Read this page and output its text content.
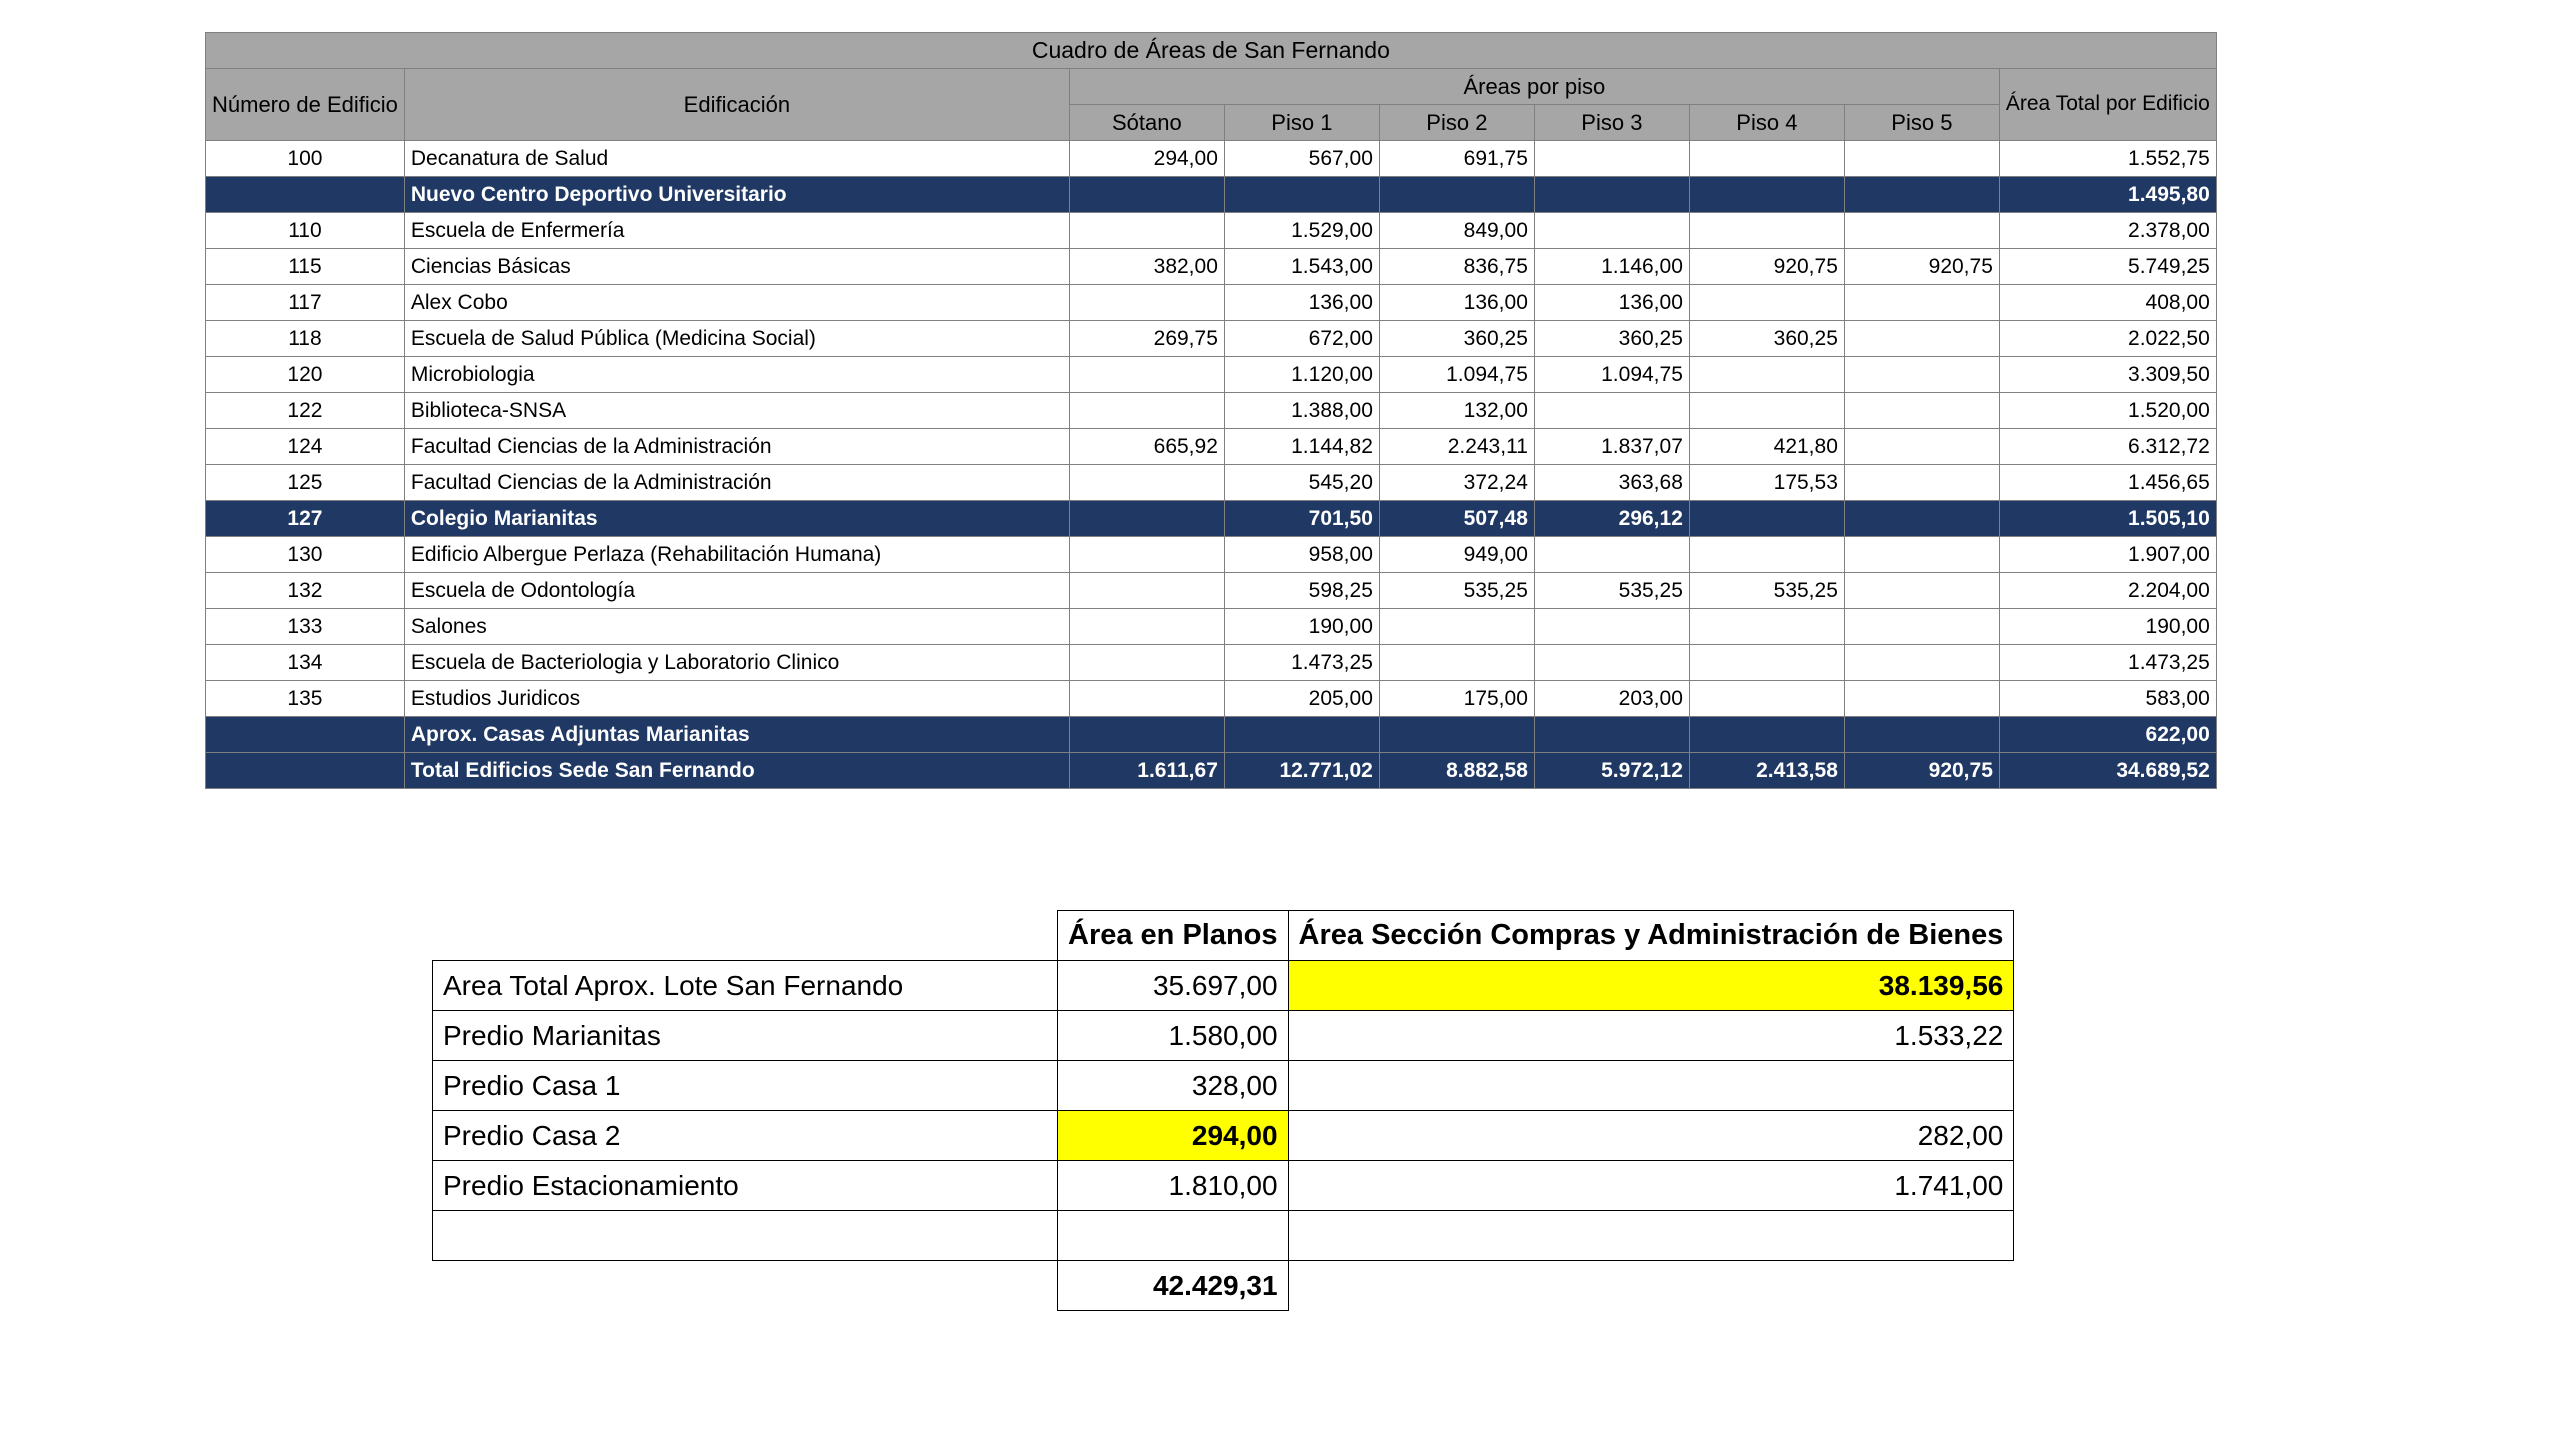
Cuadro de Áreas de San Fernando								
Número de Edificio	Edificación	Áreas por piso						Área Total por Edificio
		Sótano	Piso 1	Piso 2	Piso 3	Piso 4	Piso 5	
100	Decanatura de Salud	294,00	567,00	691,75				1.552,75
	Nuevo Centro Deportivo Universitario							1.495,80
110	Escuela de Enfermería		1.529,00	849,00				2.378,00
115	Ciencias Básicas	382,00	1.543,00	836,75	1.146,00	920,75	920,75	5.749,25
117	Alex Cobo		136,00	136,00	136,00			408,00
118	Escuela de Salud Pública (Medicina Social)	269,75	672,00	360,25	360,25	360,25		2.022,50
120	Microbiologia		1.120,00	1.094,75	1.094,75			3.309,50
122	Biblioteca-SNSA		1.388,00	132,00				1.520,00
124	Facultad Ciencias de la Administración	665,92	1.144,82	2.243,11	1.837,07	421,80		6.312,72
125	Facultad Ciencias de la Administración		545,20	372,24	363,68	175,53		1.456,65
127	Colegio Marianitas		701,50	507,48	296,12			1.505,10
130	Edificio Albergue Perlaza (Rehabilitación Humana)		958,00	949,00				1.907,00
132	Escuela de Odontología		598,25	535,25	535,25	535,25		2.204,00
133	Salones		190,00					190,00
134	Escuela de Bacteriologia y Laboratorio Clinico		1.473,25					1.473,25
135	Estudios Juridicos		205,00	175,00	203,00			583,00
	Aprox. Casas Adjuntas Marianitas							622,00
	Total Edificios Sede San Fernando	1.611,67	12.771,02	8.882,58	5.972,12	2.413,58	920,75	34.689,52
	Área en Planos	Área Sección Compras y Administración de Bienes
Area Total Aprox. Lote San Fernando	35.697,00	38.139,56
Predio Marianitas	1.580,00	1.533,22
Predio Casa 1	328,00	
Predio Casa 2	294,00	282,00
Predio Estacionamiento	1.810,00	1.741,00
Total Predios	39.709,00	
	42.429,31	
